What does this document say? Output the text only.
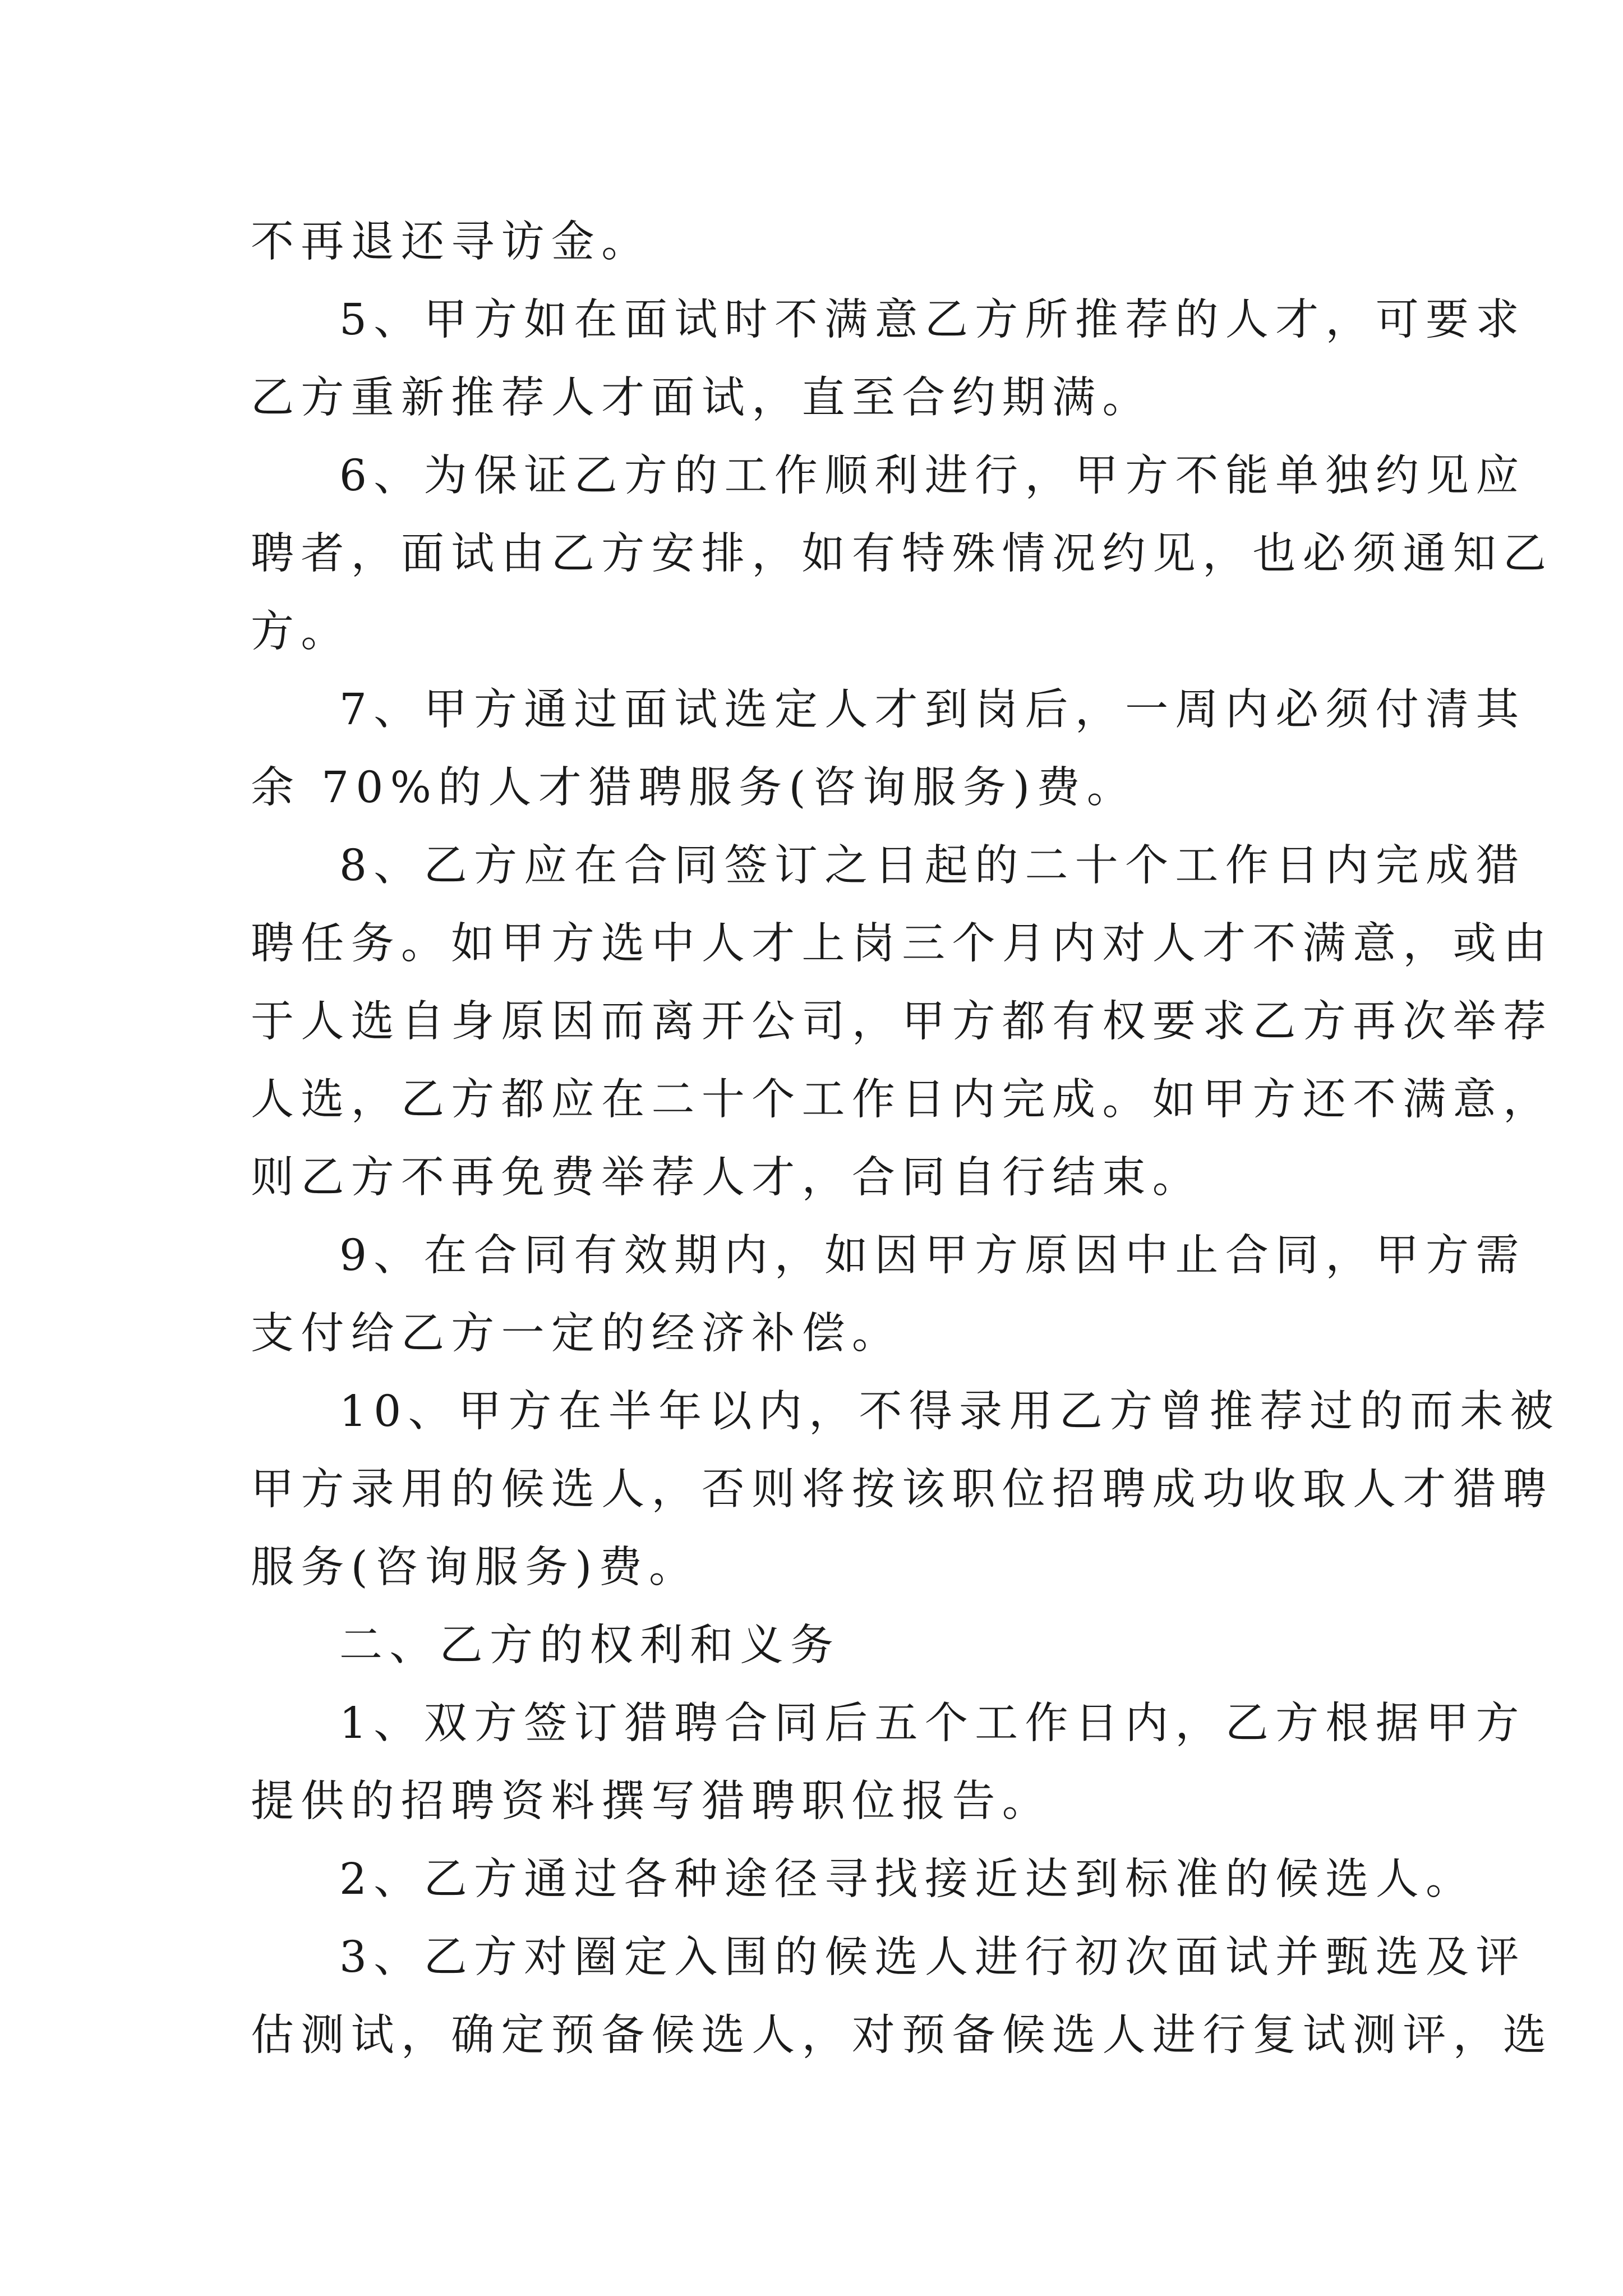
不再退还寻访金。
5、甲方如在面试时不满意乙方所推荐的人才，可要求
乙方重新推荐人才面试，直至合约期满。
6、为保证乙方的工作顺利进行，甲方不能单独约见应
聘者，面试由乙方安排，如有特殊情况约见，也必须通知乙
方。
7、甲方通过面试选定人才到岗后，一周内必须付清其
余 70%的人才猎聘服务(咨询服务)费。
8、乙方应在合同签订之日起的二十个工作日内完成猎
聘任务。如甲方选中人才上岗三个月内对人才不满意，或由
于人选自身原因而离开公司，甲方都有权要求乙方再次举荐
人选，乙方都应在二十个工作日内完成。如甲方还不满意，
则乙方不再免费举荐人才，合同自行结束。
9、在合同有效期内，如因甲方原因中止合同，甲方需
支付给乙方一定的经济补偿。
10、甲方在半年以内，不得录用乙方曾推荐过的而未被
甲方录用的候选人，否则将按该职位招聘成功收取人才猎聘
服务(咨询服务)费。
二、乙方的权利和义务
1、双方签订猎聘合同后五个工作日内，乙方根据甲方
提供的招聘资料撰写猎聘职位报告。
2、乙方通过各种途径寻找接近达到标准的候选人。
3、乙方对圈定入围的候选人进行初次面试并甄选及评
估测试，确定预备候选人，对预备候选人进行复试测评，选
